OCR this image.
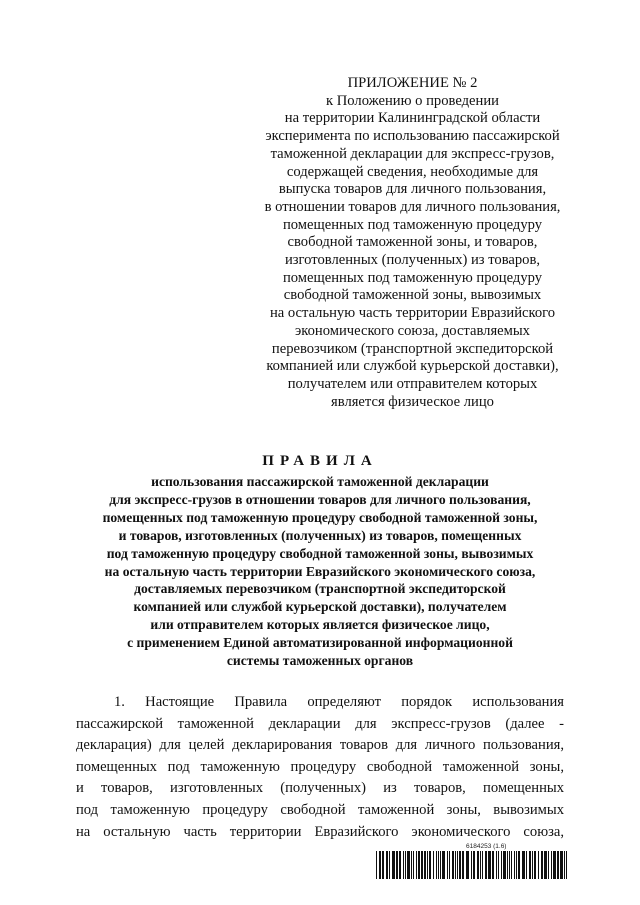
ПРИЛОЖЕНИЕ № 2
к Положению о проведении
на территории Калининградской области
эксперимента по использованию пассажирской
таможенной декларации для экспресс-грузов,
содержащей сведения, необходимые для
выпуска товаров для личного пользования,
в отношении товаров для личного пользования,
помещенных под таможенную процедуру
свободной таможенной зоны, и товаров,
изготовленных (полученных) из товаров,
помещенных под таможенную процедуру
свободной таможенной зоны, вывозимых
на остальную часть территории Евразийского
экономического союза, доставляемых
перевозчиком (транспортной экспедиторской
компанией или службой курьерской доставки),
получателем или отправителем которых
является физическое лицо
ПРАВИЛА
использования пассажирской таможенной декларации
для экспресс-грузов в отношении товаров для личного пользования,
помещенных под таможенную процедуру свободной таможенной зоны,
и товаров, изготовленных (полученных) из товаров, помещенных
под таможенную процедуру свободной таможенной зоны, вывозимых
на остальную часть территории Евразийского экономического союза,
доставляемых перевозчиком (транспортной экспедиторской
компанией или службой курьерской доставки), получателем
или отправителем которых является физическое лицо,
с применением Единой автоматизированной информационной
системы таможенных органов
1. Настоящие Правила определяют порядок использования
пассажирской таможенной декларации для экспресс-грузов (далее -
декларация) для целей декларирования товаров для личного пользования,
помещенных под таможенную процедуру свободной таможенной зоны,
и товаров, изготовленных (полученных) из товаров, помещенных
под таможенную процедуру свободной таможенной зоны, вывозимых
на остальную часть территории Евразийского экономического союза,
6184253 (1.6)
